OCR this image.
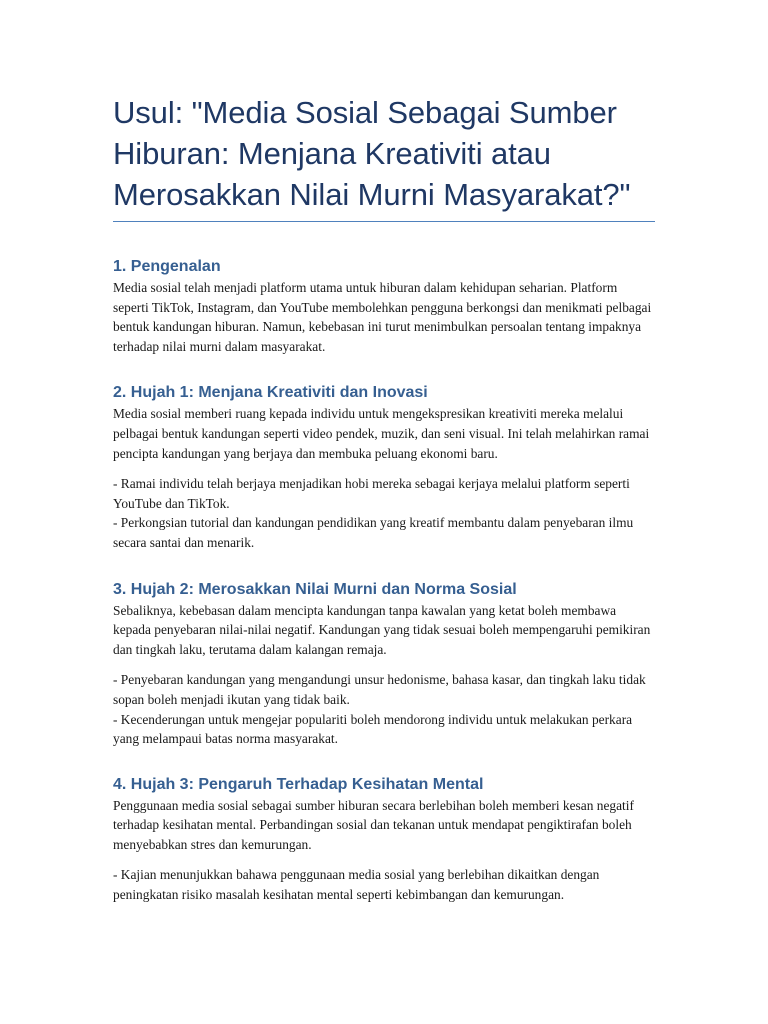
Usul: "Media Sosial Sebagai Sumber Hiburan: Menjana Kreativiti atau Merosakkan Nilai Murni Masyarakat?"
1. Pengenalan

Media sosial telah menjadi platform utama untuk hiburan dalam kehidupan seharian. Platform seperti TikTok, Instagram, dan YouTube membolehkan pengguna berkongsi dan menikmati pelbagai bentuk kandungan hiburan. Namun, kebebasan ini turut menimbulkan persoalan tentang impaknya terhadap nilai murni dalam masyarakat.

2. Hujah 1: Menjana Kreativiti dan Inovasi

Media sosial memberi ruang kepada individu untuk mengekspresikan kreativiti mereka melalui pelbagai bentuk kandungan seperti video pendek, muzik, dan seni visual. Ini telah melahirkan ramai pencipta kandungan yang berjaya dan membuka peluang ekonomi baru.

- Ramai individu telah berjaya menjadikan hobi mereka sebagai kerjaya melalui platform seperti YouTube dan TikTok.

- Perkongsian tutorial dan kandungan pendidikan yang kreatif membantu dalam penyebaran ilmu secara santai dan menarik.

3. Hujah 2: Merosakkan Nilai Murni dan Norma Sosial

Sebaliknya, kebebasan dalam mencipta kandungan tanpa kawalan yang ketat boleh membawa kepada penyebaran nilai-nilai negatif. Kandungan yang tidak sesuai boleh mempengaruhi pemikiran dan tingkah laku, terutama dalam kalangan remaja.

- Penyebaran kandungan yang mengandungi unsur hedonisme, bahasa kasar, dan tingkah laku tidak sopan boleh menjadi ikutan yang tidak baik.

- Kecenderungan untuk mengejar populariti boleh mendorong individu untuk melakukan perkara yang melampaui batas norma masyarakat.

4. Hujah 3: Pengaruh Terhadap Kesihatan Mental

Penggunaan media sosial sebagai sumber hiburan secara berlebihan boleh memberi kesan negatif terhadap kesihatan mental. Perbandingan sosial dan tekanan untuk mendapat pengiktirafan boleh menyebabkan stres dan kemurungan.

- Kajian menunjukkan bahawa penggunaan media sosial yang berlebihan dikaitkan dengan peningkatan risiko masalah kesihatan mental seperti kebimbangan dan kemurungan.
